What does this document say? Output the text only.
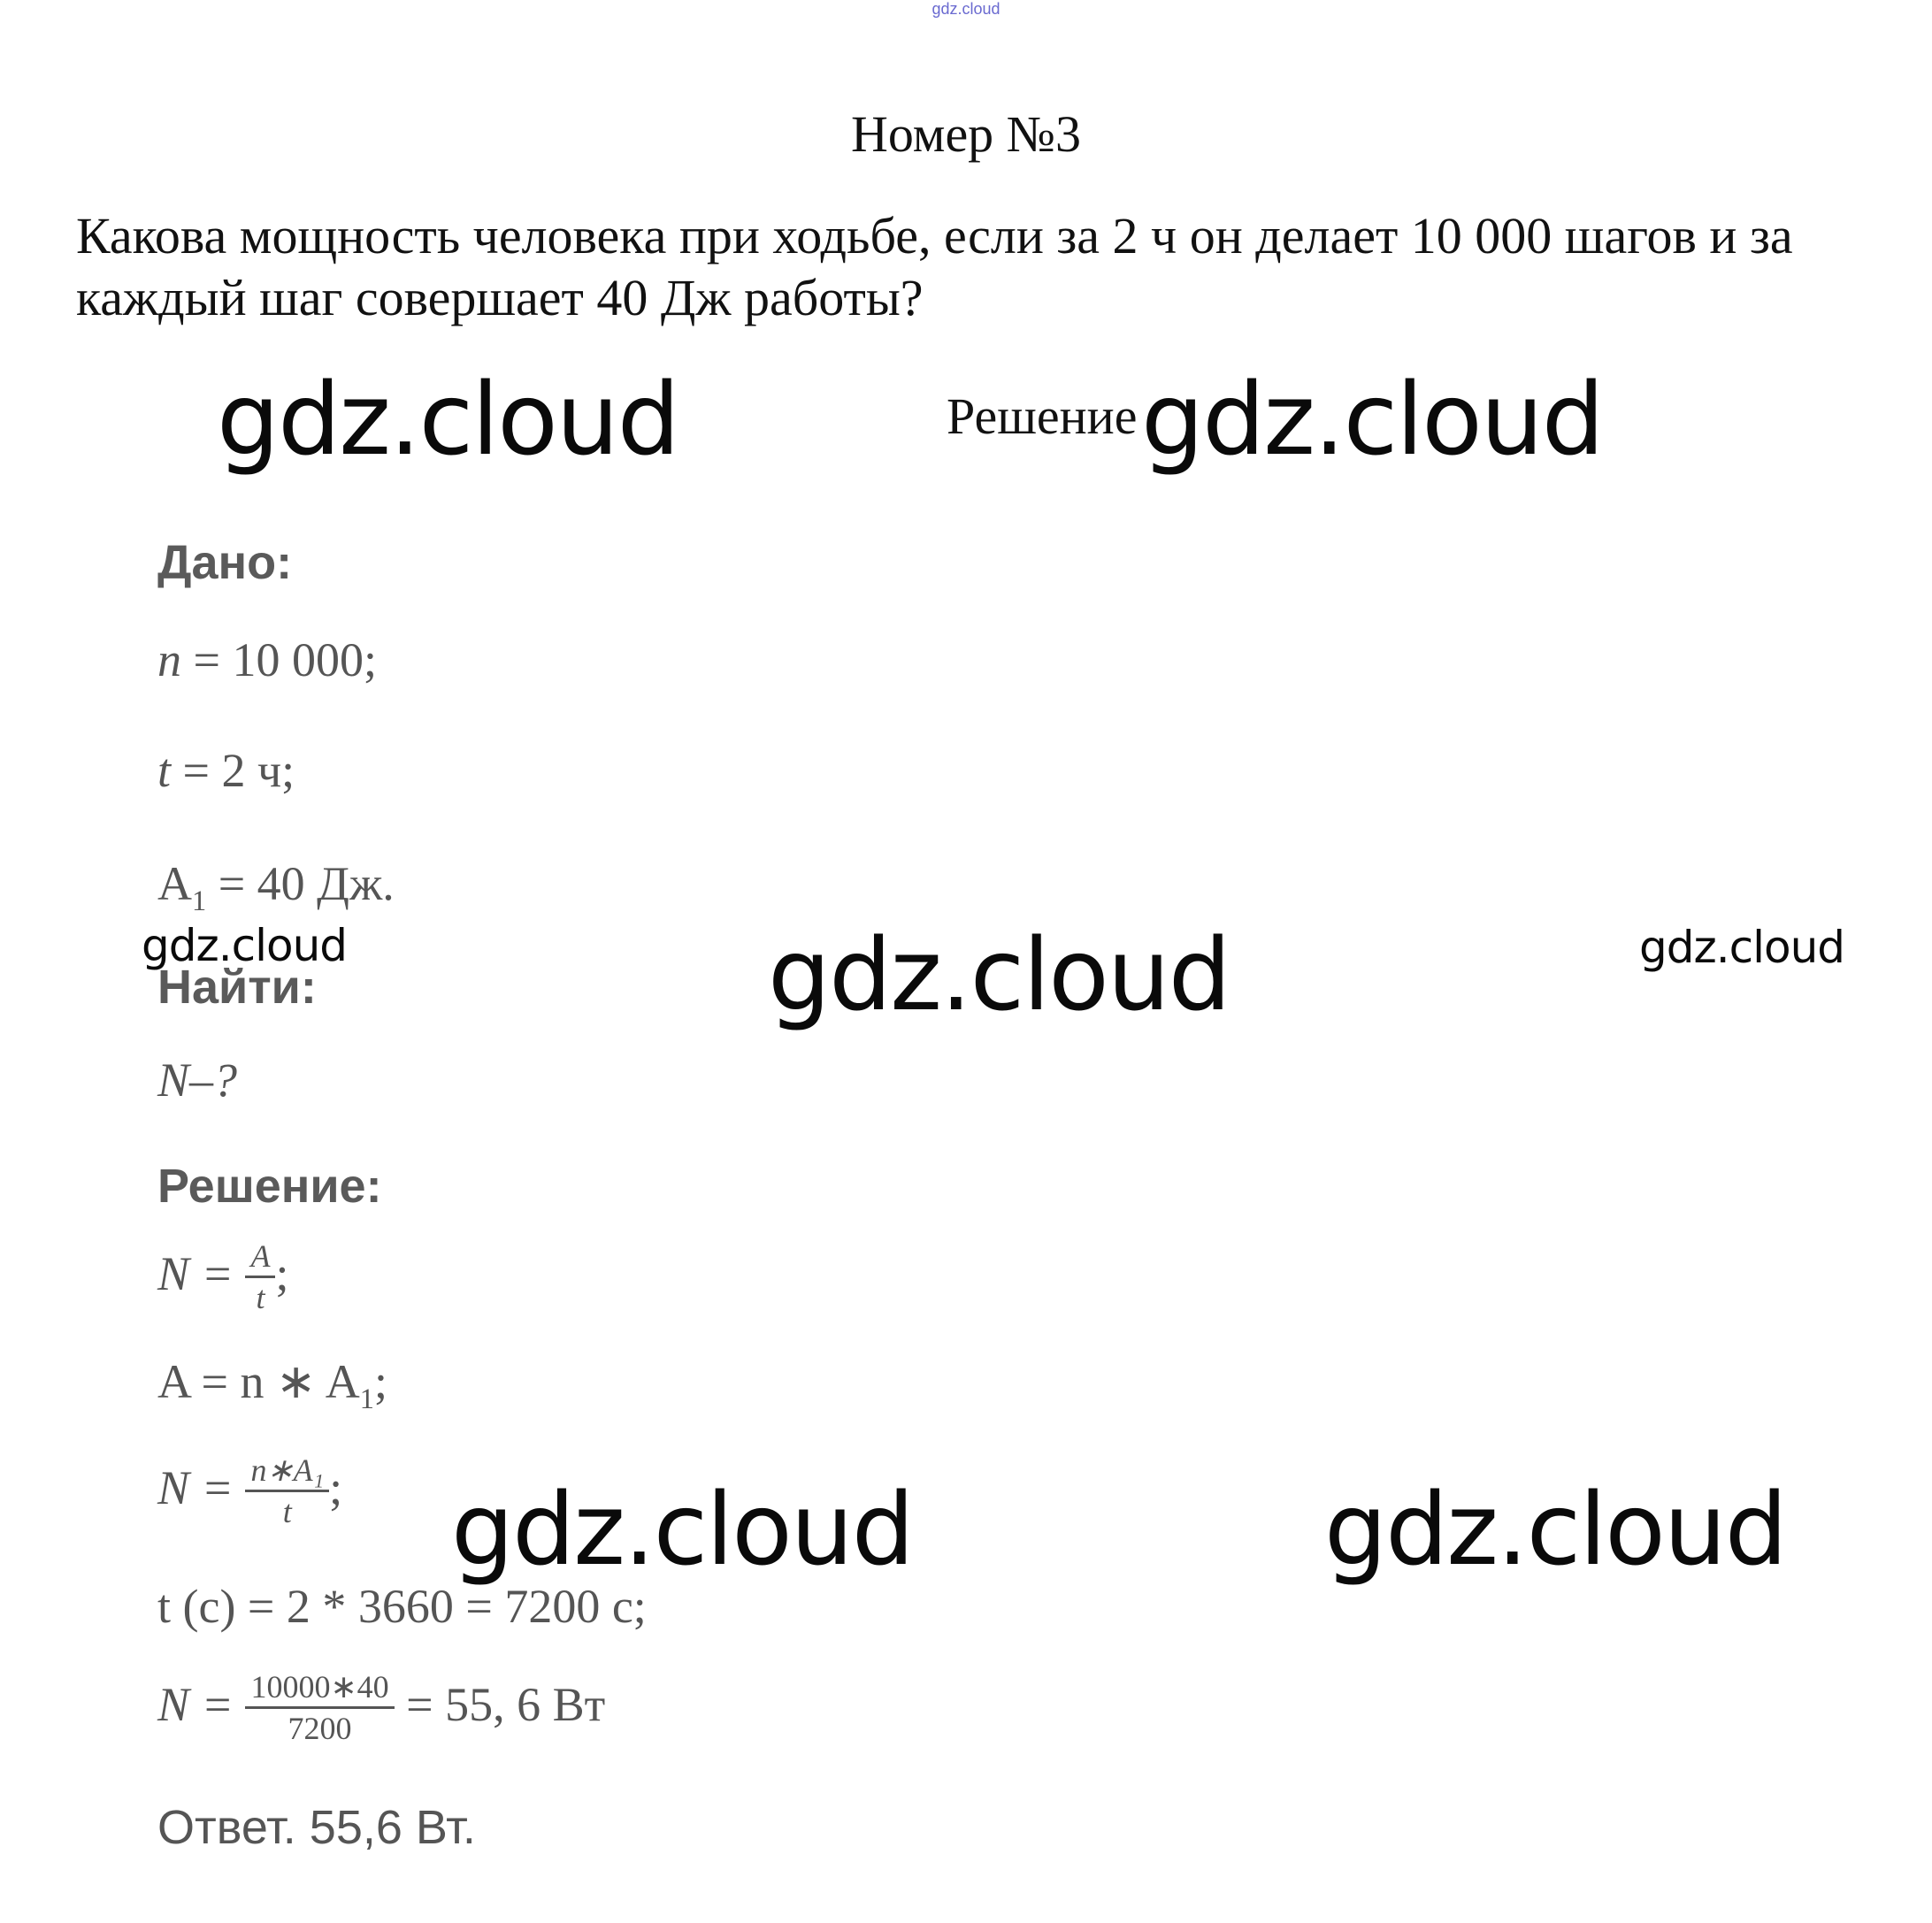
gdz.cloud
Номер №3
Какова мощность человека при ходьбе, если за 2 ч он делает 10 000 шагов и за каждый шаг совершает 40 Дж работы?
Решение
gdz.cloud	gdz.cloud
gdz.cloud	gdz.cloud	gdz.cloud
gdz.cloud	gdz.cloud
Дано:
n = 10 000;
t = 2 ч;
$A_1 = 40$ Дж.
Найти:
N–?
Решение:
$N = \frac{A}{t}$ ;
A = n ∗ $A_1$;
$N = \frac{\text{n∗A₁}}{t}$ ;
t (c) = 2 * 3660 = 7200 с;
$N = \frac{10000∗40}{7200} = 55$, 6 Вт
Ответ. 55,6 Вт.
